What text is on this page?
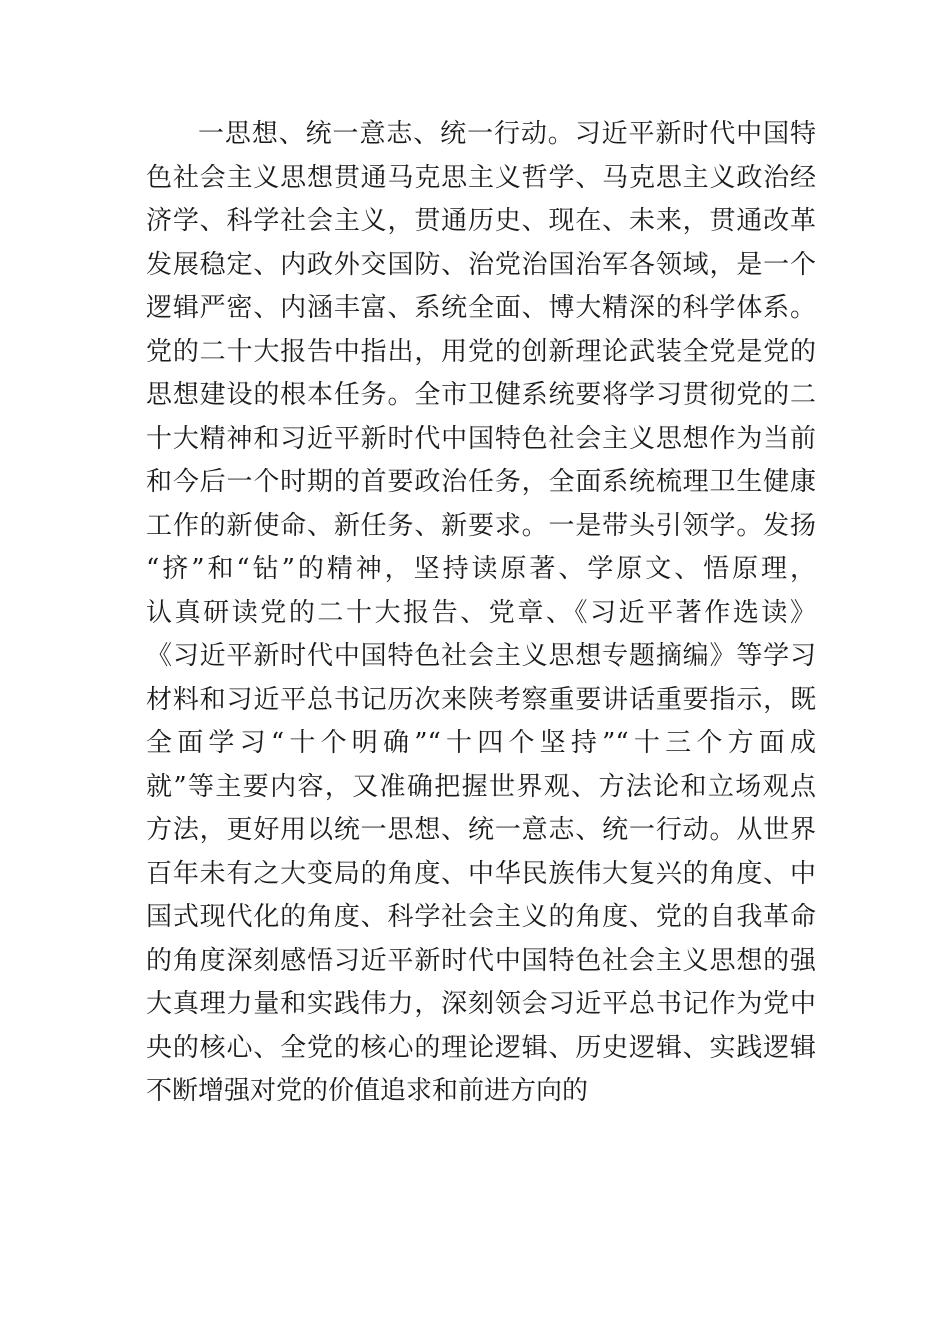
一思想、统一意志、统一行动。习近平新时代中国特
色社会主义思想贯通马克思主义哲学、马克思主义政治经
济学、科学社会主义，贯通历史、现在、未来，贯通改革
发展稳定、内政外交国防、治党治国治军各领域，是一个
逻辑严密、内涵丰富、系统全面、博大精深的科学体系。
党的二十大报告中指出，用党的创新理论武装全党是党的
思想建设的根本任务。全市卫健系统要将学习贯彻党的二
十大精神和习近平新时代中国特色社会主义思想作为当前
和今后一个时期的首要政治任务，全面系统梳理卫生健康
工作的新使命、新任务、新要求。一是带头引领学。发扬
“挤”和“钻”的精神，坚持读原著、学原文、悟原理，
认真研读党的二十大报告、党章、《习近平著作选读》
《习近平新时代中国特色社会主义思想专题摘编》等学习
材料和习近平总书记历次来陕考察重要讲话重要指示，既
全面学习“十个明确”“十四个坚持”“十三个方面成
就”等主要内容，又准确把握世界观、方法论和立场观点
方法，更好用以统一思想、统一意志、统一行动。从世界
百年未有之大变局的角度、中华民族伟大复兴的角度、中
国式现代化的角度、科学社会主义的角度、党的自我革命
的角度深刻感悟习近平新时代中国特色社会主义思想的强
大真理力量和实践伟力，深刻领会习近平总书记作为党中
央的核心、全党的核心的理论逻辑、历史逻辑、实践逻辑
不断增强对党的价值追求和前进方向的
